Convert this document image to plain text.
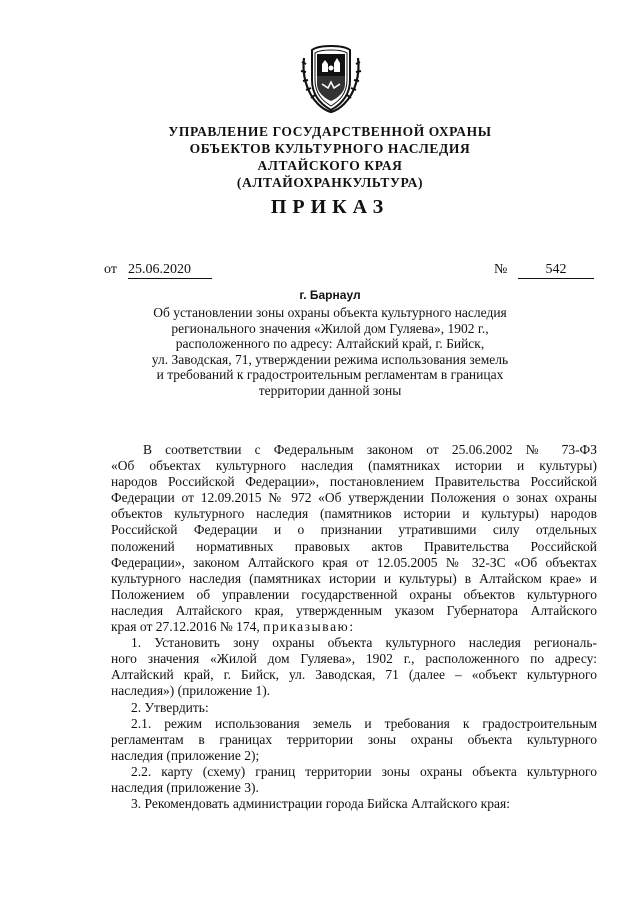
УПРАВЛЕНИЕ ГОСУДАРСТВЕННОЙ ОХРАНЫ
ОБЪЕКТОВ КУЛЬТУРНОГО НАСЛЕДИЯ
АЛТАЙСКОГО КРАЯ
(АЛТАЙОХРАНКУЛЬТУРА)
ПРИКАЗ
от 25.06.2020	№	542
г. Барнаул
Об установлении зоны охраны объекта культурного наследия
регионального значения «Жилой дом Гуляева», 1902 г.,
расположенного по адресу: Алтайский край, г. Бийск,
ул. Заводская, 71, утверждении режима использования земель
и требований к градостроительным регламентам в границах
территории данной зоны
В соответствии с Федеральным законом от 25.06.2002 № 73-ФЗ
«Об объектах культурного наследия (памятниках истории и культуры)
народов Российской Федерации», постановлением Правительства Российской
Федерации от 12.09.2015 № 972 «Об утверждении Положения о зонах охраны
объектов культурного наследия (памятников истории и культуры) народов
Российской Федерации и о признании утратившими силу отдельных
положений нормативных правовых актов Правительства Российской
Федерации», законом Алтайского края от 12.05.2005 № 32-ЗС «Об объектах
культурного наследия (памятниках истории и культуры) в Алтайском крае» и
Положением об управлении государственной охраны объектов культурного
наследия Алтайского края, утвержденным указом Губернатора Алтайского
края от 27.12.2016 № 174, приказываю:
1. Установить зону охраны объекта культурного наследия региональ-
ного значения «Жилой дом Гуляева», 1902 г., расположенного по адресу:
Алтайский край, г. Бийск, ул. Заводская, 71 (далее – «объект культурного
наследия») (приложение 1).
2. Утвердить:
2.1. режим использования земель и требования к градостроительным
регламентам в границах территории зоны охраны объекта культурного
наследия (приложение 2);
2.2. карту (схему) границ территории зоны охраны объекта культурного
наследия (приложение 3).
3. Рекомендовать администрации города Бийска Алтайского края:
